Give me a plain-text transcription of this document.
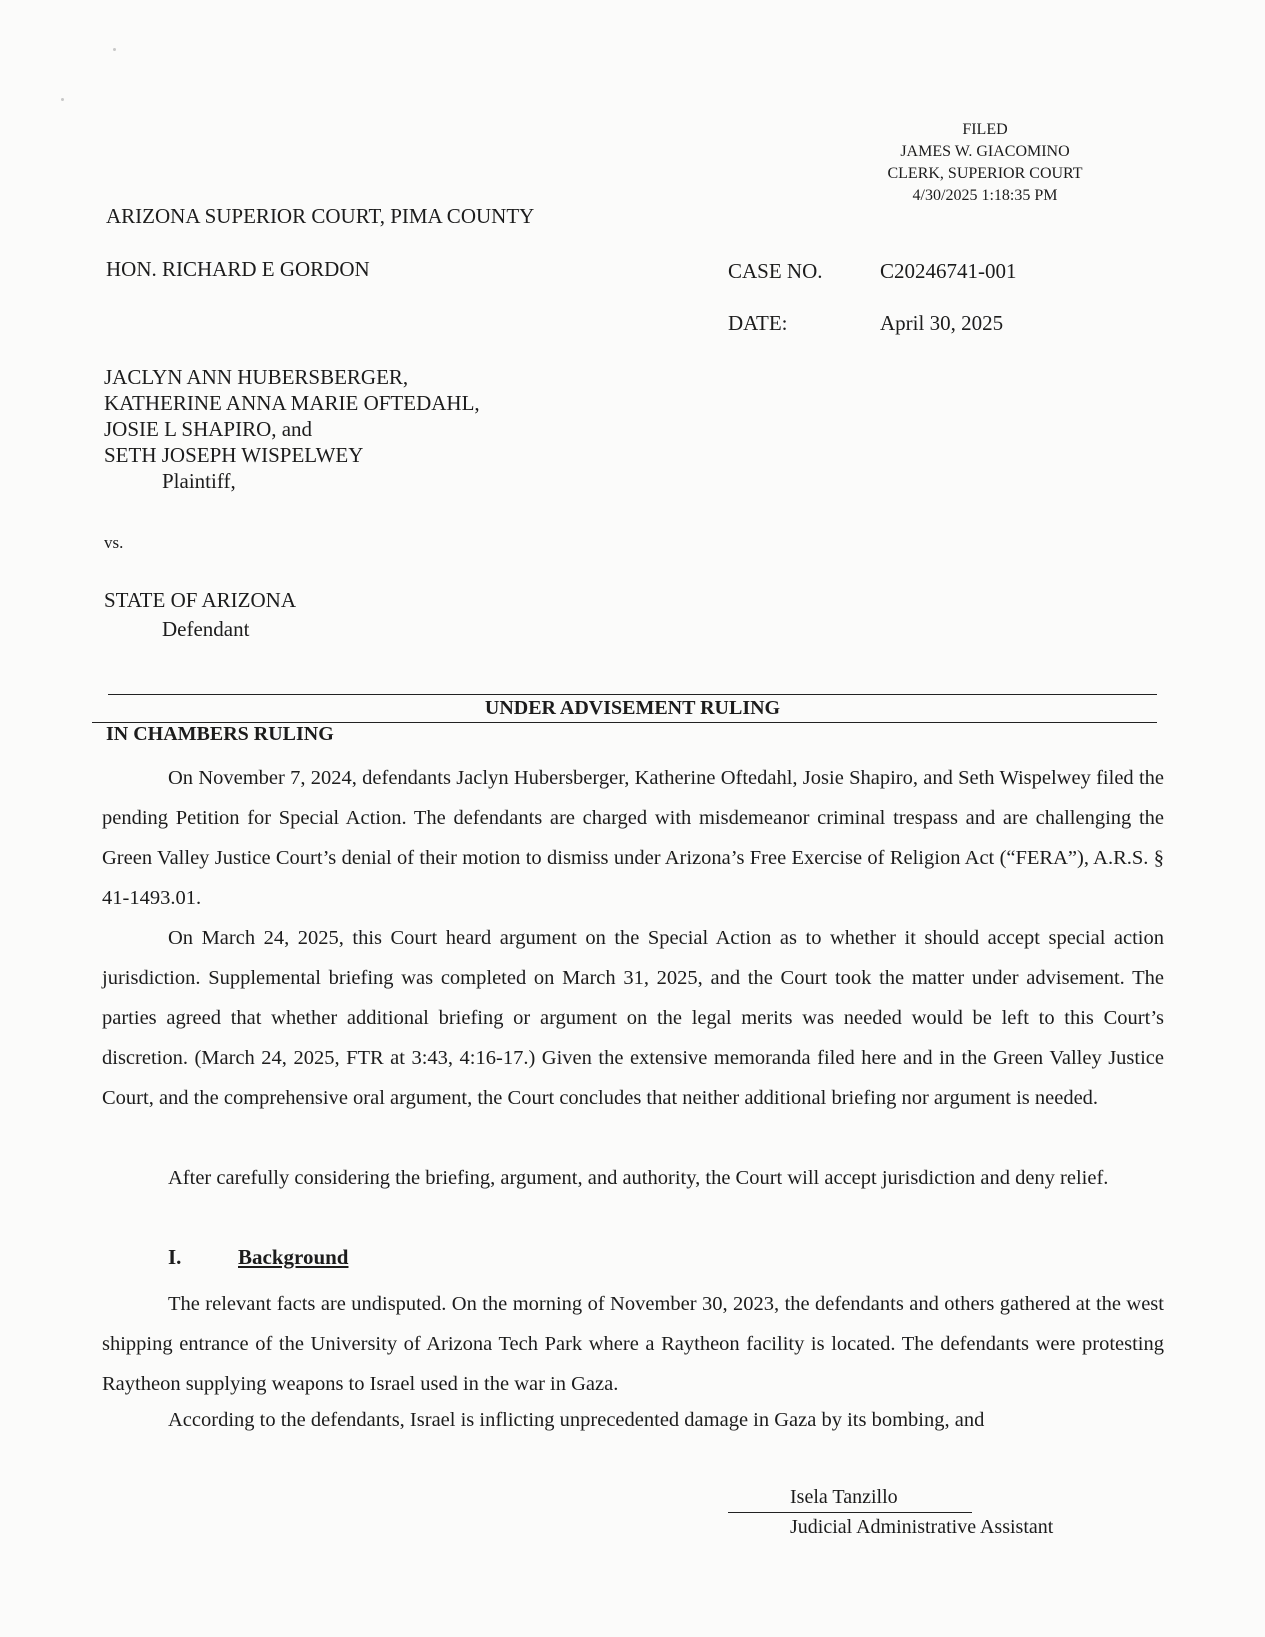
FILED
JAMES W. GIACOMINO
CLERK, SUPERIOR COURT
4/30/2025 1:18:35 PM
ARIZONA SUPERIOR COURT, PIMA COUNTY
HON. RICHARD E GORDON	CASE NO.	C20246741-001
DATE:	April 30, 2025
JACLYN ANN HUBERSBERGER,
KATHERINE ANNA MARIE OFTEDAHL,
JOSIE L SHAPIRO, and
SETH JOSEPH WISPELWEY
Plaintiff,
vs.
STATE OF ARIZONA
Defendant
UNDER ADVISEMENT RULING
IN CHAMBERS RULING
On November 7, 2024, defendants Jaclyn Hubersberger, Katherine Oftedahl, Josie Shapiro, and Seth Wispelwey filed the pending Petition for Special Action. The defendants are charged with misdemeanor criminal trespass and are challenging the Green Valley Justice Court’s denial of their motion to dismiss under Arizona’s Free Exercise of Religion Act (“FERA”), A.R.S. § 41-1493.01.
On March 24, 2025, this Court heard argument on the Special Action as to whether it should accept special action jurisdiction. Supplemental briefing was completed on March 31, 2025, and the Court took the matter under advisement. The parties agreed that whether additional briefing or argument on the legal merits was needed would be left to this Court’s discretion. (March 24, 2025, FTR at 3:43, 4:16-17.) Given the extensive memoranda filed here and in the Green Valley Justice Court, and the comprehensive oral argument, the Court concludes that neither additional briefing nor argument is needed.
After carefully considering the briefing, argument, and authority, the Court will accept jurisdiction and deny relief.
I.	Background
The relevant facts are undisputed. On the morning of November 30, 2023, the defendants and others gathered at the west shipping entrance of the University of Arizona Tech Park where a Raytheon facility is located. The defendants were protesting Raytheon supplying weapons to Israel used in the war in Gaza.
According to the defendants, Israel is inflicting unprecedented damage in Gaza by its bombing, and
Isela Tanzillo
Judicial Administrative Assistant
